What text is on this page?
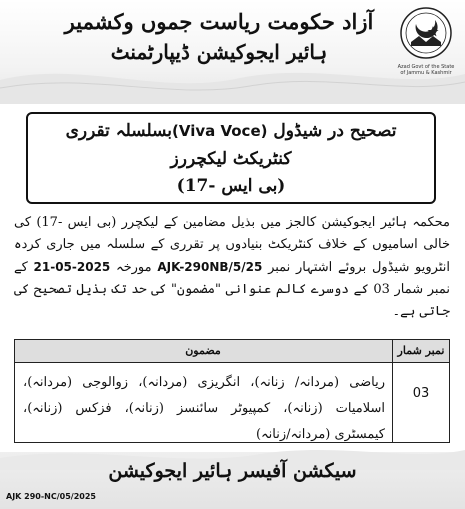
Azad Govt of the State of Jammu & Kashmir
آزاد حکومت ریاست جموں وکشمیر
ہائیر ایجوکیشن ڈیپارٹمنٹ
تصحیح در شیڈول (Viva Voce)بسلسلہ تقرری
کنٹریکٹ لیکچررز
(بی ایس -17)
محکمہ ہائیر ایجوکیشن کالجز میں بذیل مضامین کے لیکچرر (بی ایس -17) کی خالی اسامیوں کے خلاف کنٹریکٹ بنیادوں پر تقرری کے سلسلہ میں جاری کردہ انٹرویو شیڈول بروئے اشتہار نمبر AJK-290NB/5/25 مورخہ 21-05-2025 کے نمبر شمار 03 کے دوسرے کالم عنوانی "مضمون" کی حد تک بذیل تصحیح کی جاتی ہے۔
نمبر شمار
مضمون
03
ریاضی (مردانہ/ زنانہ)، انگریزی (مردانہ)، زوالوجی (مردانہ)، اسلامیات (زنانہ)، کمپیوٹر سائنسز (زنانہ)، فزکس (زنانہ)، کیمسٹری (مردانہ/زنانہ)
سیکشن آفیسر ہائیر ایجوکیشن
AJK 290-NC/05/2025
